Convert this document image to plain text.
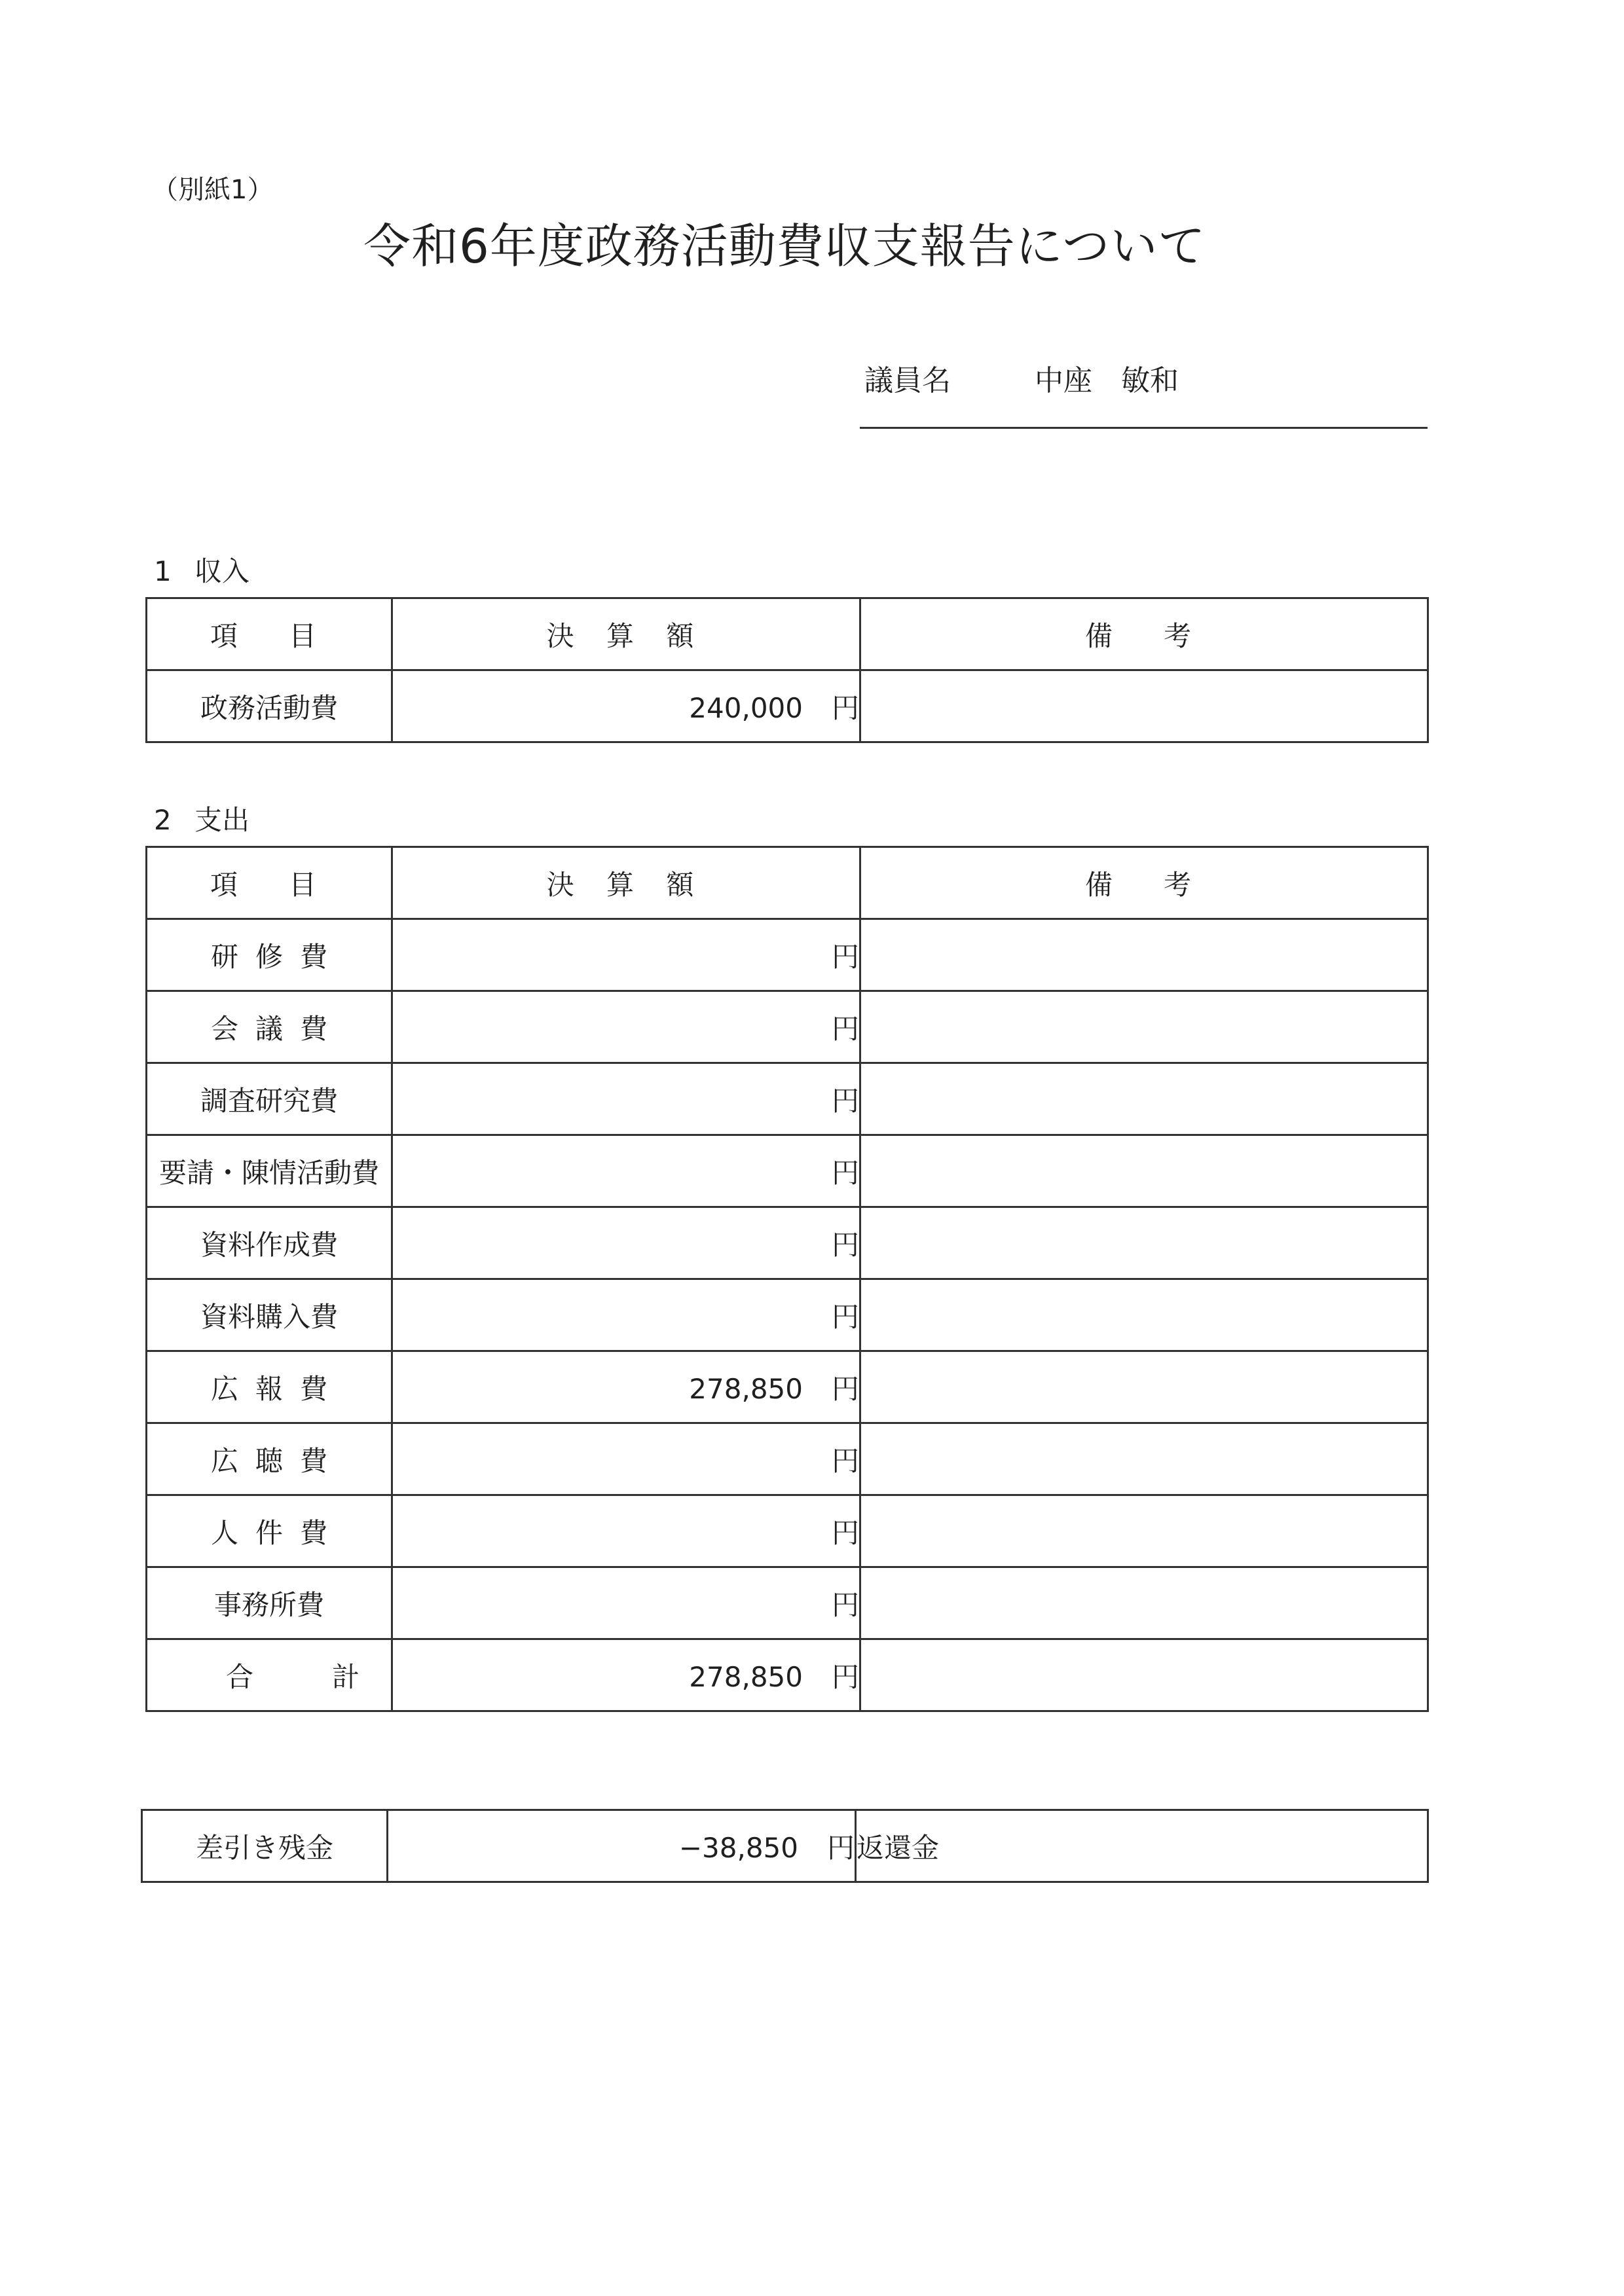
（別紙1）
令和6年度政務活動費収支報告について
議員名	中座　敏和
1 収入
項　目	決 算 額	備　考
政務活動費	240,000 円	
2 支出
項　目	決 算 額	備　考
研修費	円	
会議費	円	
調査研究費	円	
要請・陳情活動費	円	
資料作成費	円	
資料購入費	円	
広報費	278,850 円	
広聴費	円	
人件費	円	
事務所費	円	
合計	278,850 円	
差引き残金	−38,850 円	返還金
